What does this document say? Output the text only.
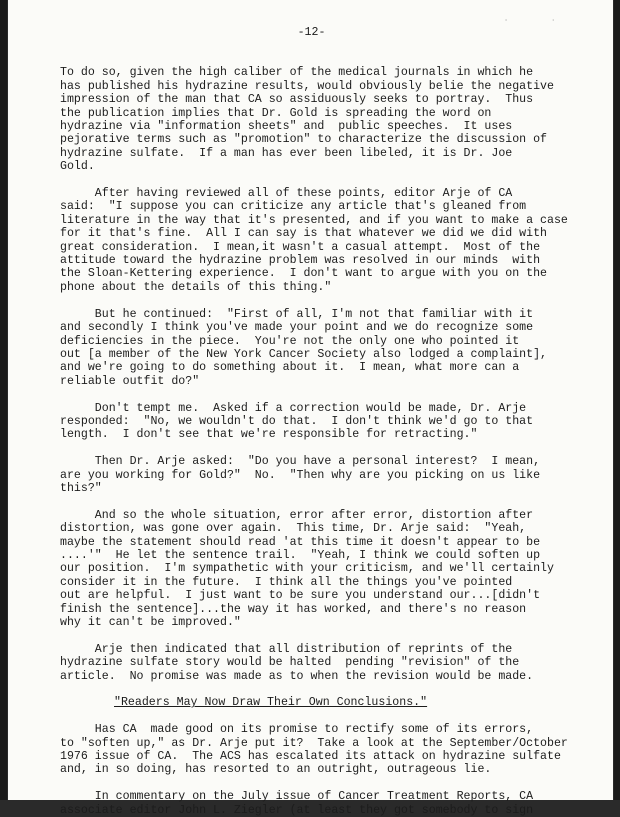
· ·
-12-

To do so, given the high caliber of the medical journals in which he
has published his hydrazine results, would obviously belie the negative
impression of the man that CA so assiduously seeks to portray.  Thus
the publication implies that Dr. Gold is spreading the word on
hydrazine via "information sheets" and  public speeches.  It uses
pejorative terms such as "promotion" to characterize the discussion of
hydrazine sulfate.  If a man has ever been libeled, it is Dr. Joe
Gold.

After having reviewed all of these points, editor Arje of CA
said:  "I suppose you can criticize any article that's gleaned from
literature in the way that it's presented, and if you want to make a case
for it that's fine.  All I can say is that whatever we did we did with
great consideration.  I mean,it wasn't a casual attempt.  Most of the
attitude toward the hydrazine problem was resolved in our minds  with
the Sloan-Kettering experience.  I don't want to argue with you on the
phone about the details of this thing."

But he continued:  "First of all, I'm not that familiar with it
and secondly I think you've made your point and we do recognize some
deficiencies in the piece.  You're not the only one who pointed it
out [a member of the New York Cancer Society also lodged a complaint],
and we're going to do something about it.  I mean, what more can a
reliable outfit do?"

Don't tempt me.  Asked if a correction would be made, Dr. Arje
responded:  "No, we wouldn't do that.  I don't think we'd go to that
length.  I don't see that we're responsible for retracting."

Then Dr. Arje asked:  "Do you have a personal interest?  I mean,
are you working for Gold?"  No.  "Then why are you picking on us like
this?"

And so the whole situation, error after error, distortion after
distortion, was gone over again.  This time, Dr. Arje said:  "Yeah,
maybe the statement should read 'at this time it doesn't appear to be
....'"  He let the sentence trail.  "Yeah, I think we could soften up
our position.  I'm sympathetic with your criticism, and we'll certainly
consider it in the future.  I think all the things you've pointed
out are helpful.  I just want to be sure you understand our...[didn't
finish the sentence]...the way it has worked, and there's no reason
why it can't be improved."

Arje then indicated that all distribution of reprints of the
hydrazine sulfate story would be halted  pending "revision" of the
article.  No promise was made as to when the revision would be made.

"Readers May Now Draw Their Own Conclusions."

Has CA  made good on its promise to rectify some of its errors,
to "soften up," as Dr. Arje put it?  Take a look at the September/October
1976 issue of CA.  The ACS has escalated its attack on hydrazine sulfate
and, in so doing, has resorted to an outright, outrageous lie.

In commentary on the July issue of Cancer Treatment Reports, CA
associate editor John L. Ziegler (at least they got somebody to sign
